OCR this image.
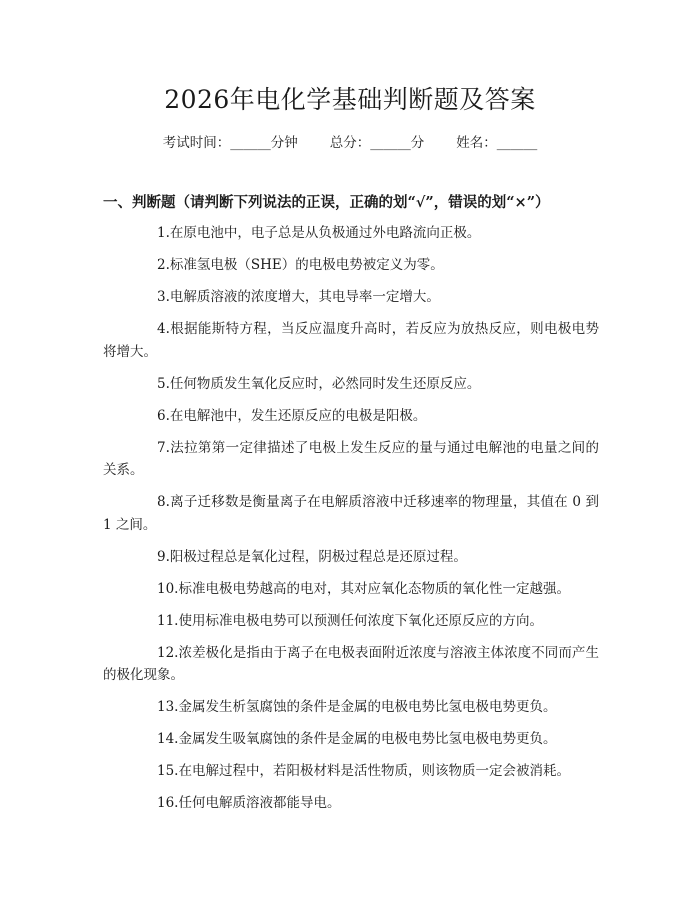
2026年电化学基础判断题及答案
考试时间：______分钟 总分：______分 姓名：______
一、判断题（请判断下列说法的正误，正确的划“√”，错误的划“×”）

1.在原电池中，电子总是从负极通过外电路流向正极。

2.标准氢电极（SHE）的电极电势被定义为零。

3.电解质溶液的浓度增大，其电导率一定增大。

4.根据能斯特方程，当反应温度升高时，若反应为放热反应，则电极电势将增大。

5.任何物质发生氧化反应时，必然同时发生还原反应。

6.在电解池中，发生还原反应的电极是阳极。

7.法拉第第一定律描述了电极上发生反应的量与通过电解池的电量之间的关系。

8.离子迁移数是衡量离子在电解质溶液中迁移速率的物理量，其值在 0 到 1 之间。

9.阳极过程总是氧化过程，阴极过程总是还原过程。

10.标准电极电势越高的电对，其对应氧化态物质的氧化性一定越强。

11.使用标准电极电势可以预测任何浓度下氧化还原反应的方向。

12.浓差极化是指由于离子在电极表面附近浓度与溶液主体浓度不同而产生的极化现象。

13.金属发生析氢腐蚀的条件是金属的电极电势比氢电极电势更负。

14.金属发生吸氧腐蚀的条件是金属的电极电势比氢电极电势更负。

15.在电解过程中，若阳极材料是活性物质，则该物质一定会被消耗。

16.任何电解质溶液都能导电。
